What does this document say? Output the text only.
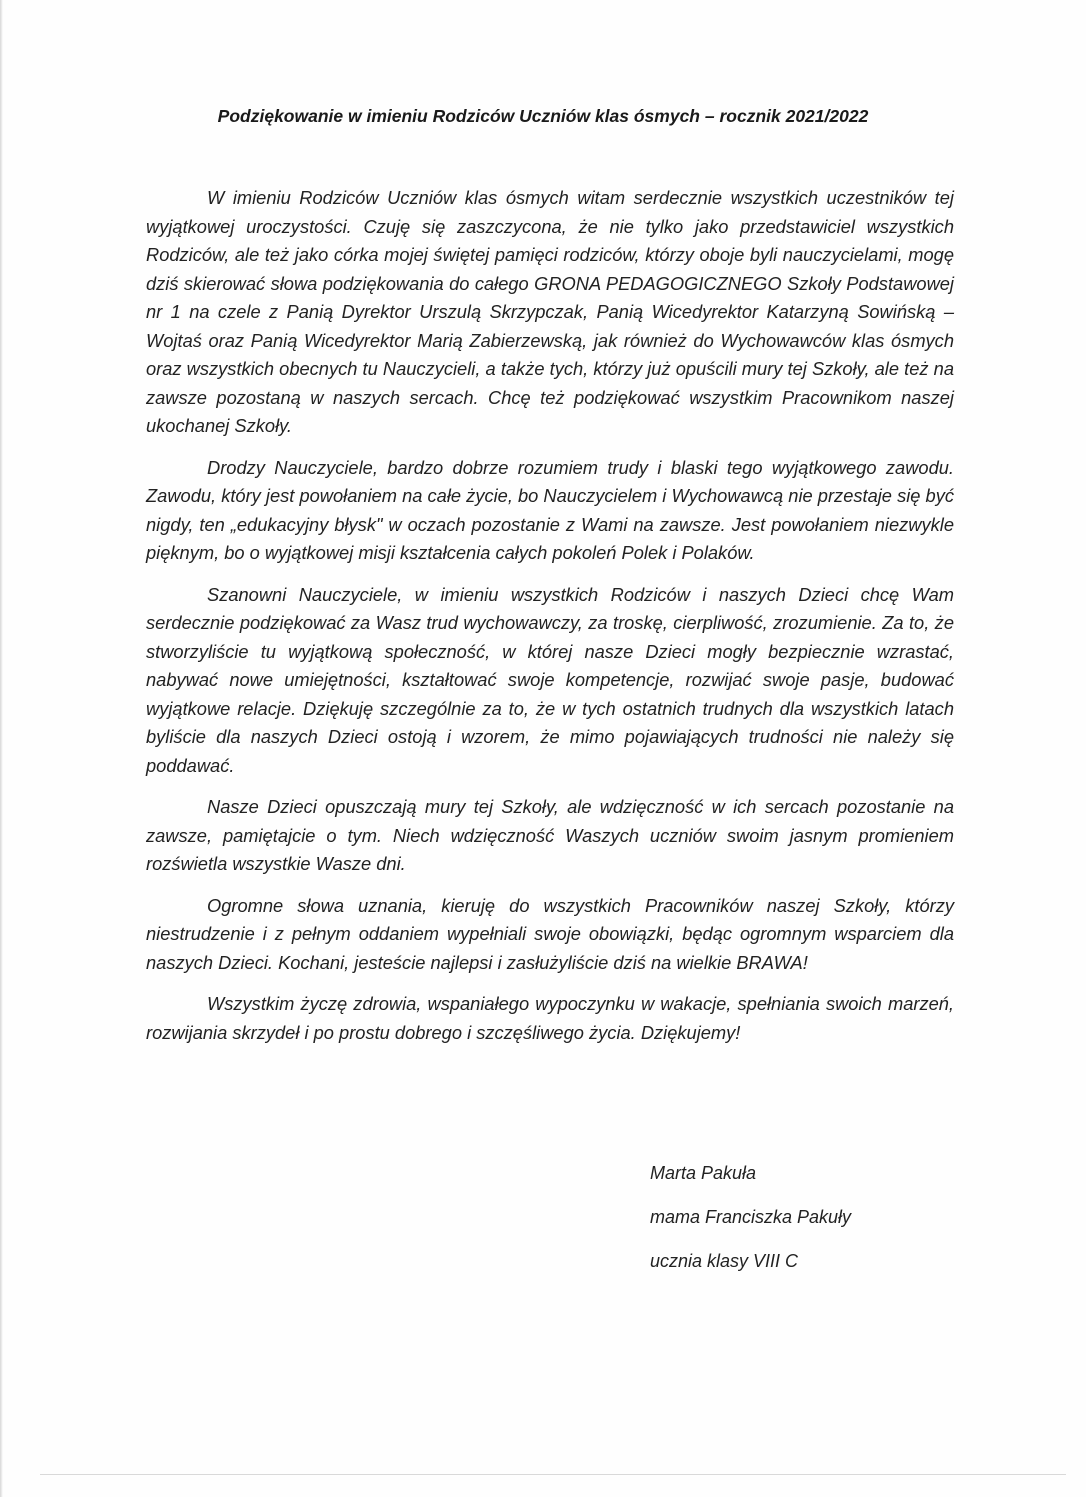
Podziękowanie w imieniu Rodziców Uczniów klas ósmych – rocznik 2021/2022

W imieniu Rodziców Uczniów klas ósmych witam serdecznie wszystkich uczestników tej wyjątkowej uroczystości. Czuję się zaszczycona, że nie tylko jako przedstawiciel wszystkich Rodziców, ale też jako córka mojej świętej pamięci rodziców, którzy oboje byli nauczycielami, mogę dziś skierować słowa podziękowania do całego GRONA PEDAGOGICZNEGO Szkoły Podstawowej nr 1 na czele z Panią Dyrektor Urszulą Skrzypczak, Panią Wicedyrektor Katarzyną Sowińską – Wojtaś oraz Panią Wicedyrektor Marią Zabierzewską, jak również do Wychowawców klas ósmych oraz wszystkich obecnych tu Nauczycieli, a także tych, którzy już opuścili mury tej Szkoły, ale też na zawsze pozostaną w naszych sercach. Chcę też podziękować wszystkim Pracownikom naszej ukochanej Szkoły.

Drodzy Nauczyciele, bardzo dobrze rozumiem trudy i blaski tego wyjątkowego zawodu. Zawodu, który jest powołaniem na całe życie, bo Nauczycielem i Wychowawcą nie przestaje się być nigdy, ten „edukacyjny błysk" w oczach pozostanie z Wami na zawsze. Jest powołaniem niezwykle pięknym, bo o wyjątkowej misji kształcenia całych pokoleń Polek i Polaków.

Szanowni Nauczyciele, w imieniu wszystkich Rodziców i naszych Dzieci chcę Wam serdecznie podziękować za Wasz trud wychowawczy, za troskę, cierpliwość, zrozumienie. Za to, że stworzyliście tu wyjątkową społeczność, w której nasze Dzieci mogły bezpiecznie wzrastać, nabywać nowe umiejętności, kształtować swoje kompetencje, rozwijać swoje pasje, budować wyjątkowe relacje. Dziękuję szczególnie za to, że w tych ostatnich trudnych dla wszystkich latach byliście dla naszych Dzieci ostoją i wzorem, że mimo pojawiających trudności nie należy się poddawać.

Nasze Dzieci opuszczają mury tej Szkoły, ale wdzięczność w ich sercach pozostanie na zawsze, pamiętajcie o tym. Niech wdzięczność Waszych uczniów swoim jasnym promieniem rozświetla wszystkie Wasze dni.

Ogromne słowa uznania, kieruję do wszystkich Pracowników naszej Szkoły, którzy niestrudzenie i z pełnym oddaniem wypełniali swoje obowiązki, będąc ogromnym wsparciem dla naszych Dzieci. Kochani, jesteście najlepsi i zasłużyliście dziś na wielkie BRAWA!

Wszystkim życzę zdrowia, wspaniałego wypoczynku w wakacje, spełniania swoich marzeń, rozwijania skrzydeł i po prostu dobrego i szczęśliwego życia. Dziękujemy!

Marta Pakuła
mama Franciszka Pakuły
ucznia klasy VIII C
